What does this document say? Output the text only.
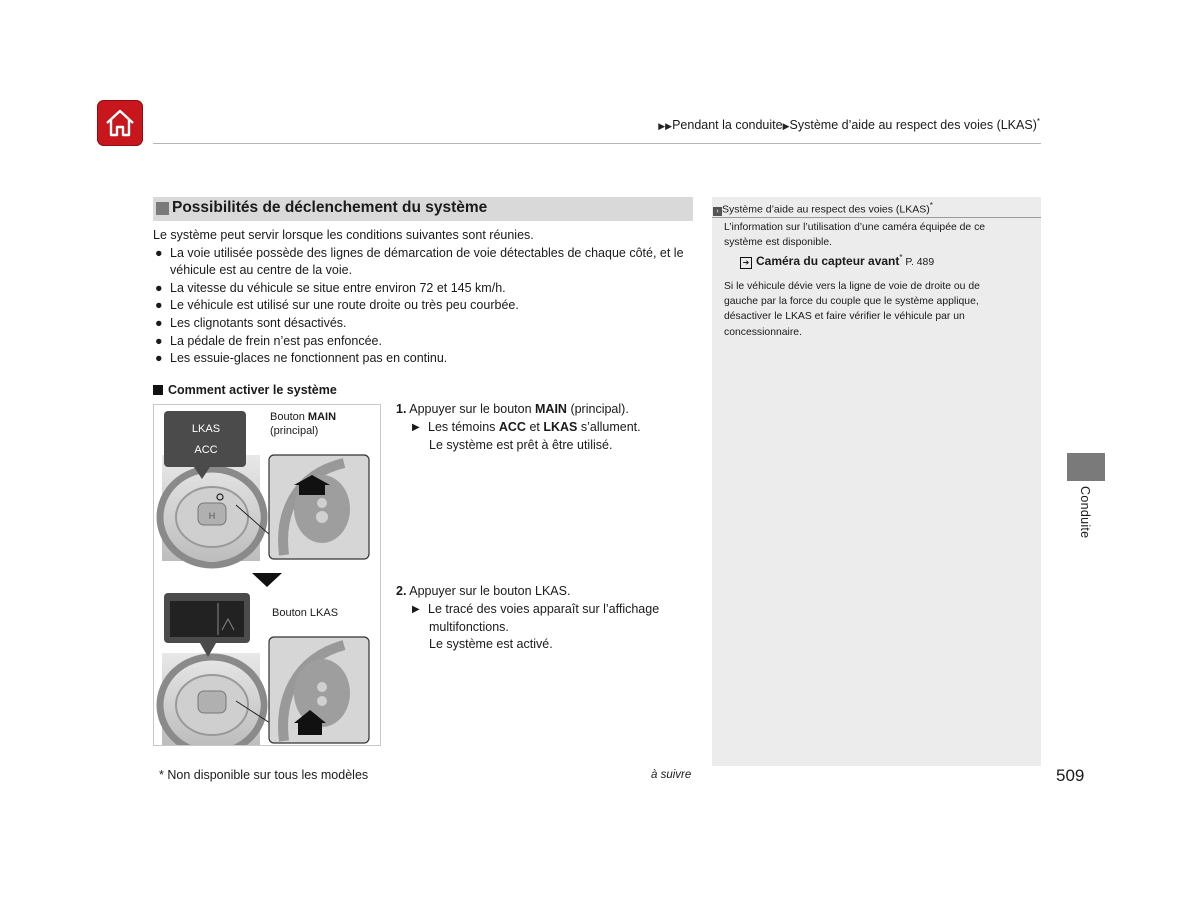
▶▶Pendant la conduite▶Système d’aide au respect des voies (LKAS)*
Possibilités de déclenchement du système
Le système peut servir lorsque les conditions suivantes sont réunies.
● La voie utilisée possède des lignes de démarcation de voie détectables de chaque côté, et le
véhicule est au centre de la voie.
● La vitesse du véhicule se situe entre environ 72 et 145 km/h.
● Le véhicule est utilisé sur une route droite ou très peu courbée.
● Les clignotants sont désactivés.
● La pédale de frein n’est pas enfoncée.
● Les essuie-glaces ne fonctionnent pas en continu.
Comment activer le système
H
LKAS
ACC
Bouton MAIN
(principal)
Bouton LKAS
1. Appuyer sur le bouton MAIN (principal).
▶ Les témoins ACC et LKAS s’allument.
Le système est prêt à être utilisé.
2. Appuyer sur le bouton LKAS.
▶ Le tracé des voies apparaît sur l’affichage
multifonctions.
Le système est activé.
› Système d’aide au respect des voies (LKAS)*
L’information sur l’utilisation d’une caméra équipée de ce
système est disponible.
➜ Caméra du capteur avant* P. 489
Si le véhicule dévie vers la ligne de voie de droite ou de
gauche par la force du couple que le système applique,
désactiver le LKAS et faire vérifier le véhicule par un
concessionnaire.
Conduite
* Non disponible sur tous les modèles	à suivre	509
